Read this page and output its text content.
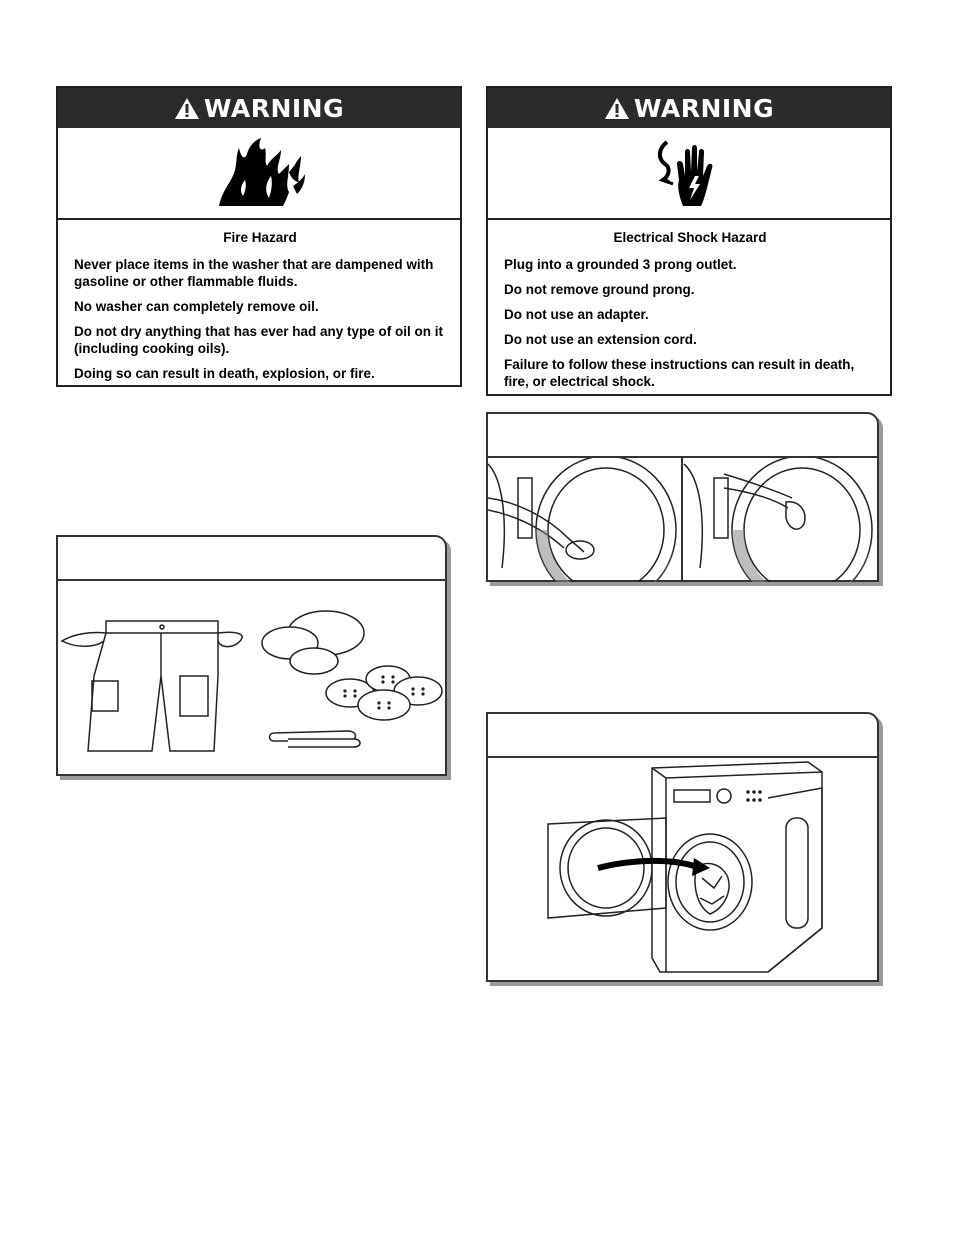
WARNING
Fire Hazard
Never place items in the washer that are dampened with gasoline or other flammable fluids.
No washer can completely remove oil.
Do not dry anything that has ever had any type of oil on it (including cooking oils).
Doing so can result in death, explosion, or fire.
WARNING
Electrical Shock Hazard
Plug into a grounded 3 prong outlet.
Do not remove ground prong.
Do not use an adapter.
Do not use an extension cord.
Failure to follow these instructions can result in death, fire, or electrical shock.
